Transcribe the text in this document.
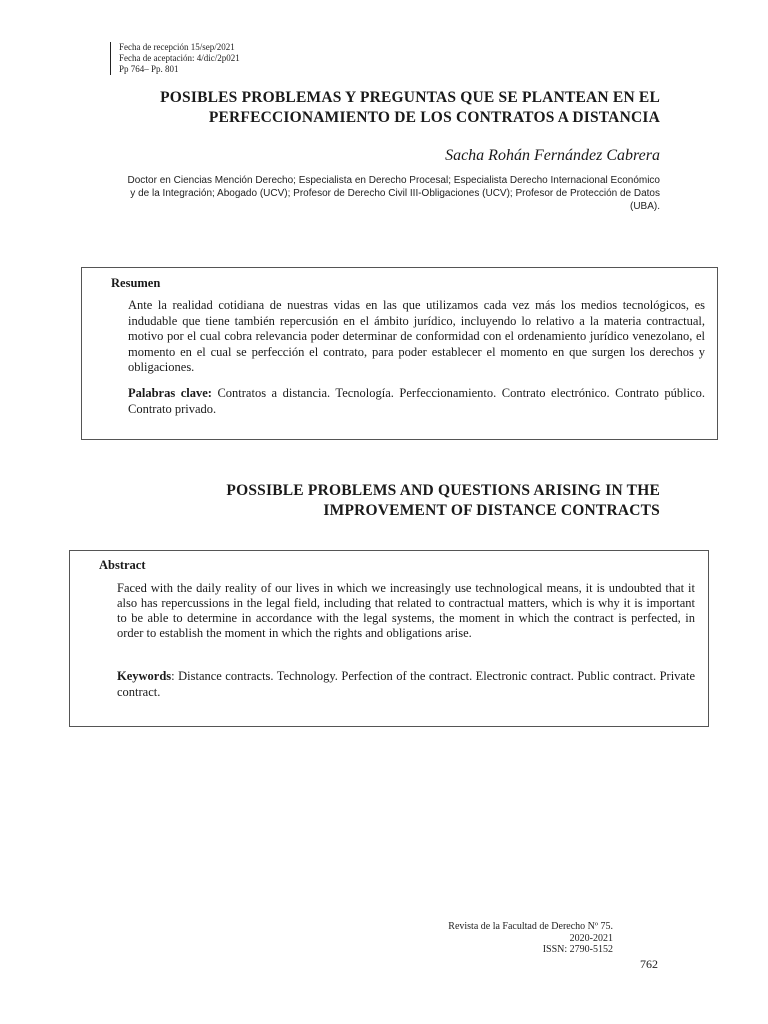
Fecha de recepción 15/sep/2021
Fecha de aceptación: 4/dic/2p021
Pp 764– Pp. 801
POSIBLES PROBLEMAS Y PREGUNTAS QUE SE PLANTEAN EN EL PERFECCIONAMIENTO DE LOS CONTRATOS A DISTANCIA
Sacha Rohán Fernández Cabrera
Doctor en Ciencias Mención Derecho; Especialista en Derecho Procesal; Especialista Derecho Internacional Económico y de la Integración; Abogado (UCV); Profesor de Derecho Civil III-Obligaciones (UCV); Profesor de Protección de Datos (UBA).
Resumen
Ante la realidad cotidiana de nuestras vidas en las que utilizamos cada vez más los medios tecnológicos, es indudable que tiene también repercusión en el ámbito jurídico, incluyendo lo relativo a la materia contractual, motivo por el cual cobra relevancia poder determinar de conformidad con el ordenamiento jurídico venezolano, el momento en el cual se perfección el contrato, para poder establecer el momento en que surgen los derechos y obligaciones.
Palabras clave: Contratos a distancia. Tecnología. Perfeccionamiento. Contrato electrónico. Contrato público. Contrato privado.
POSSIBLE PROBLEMS AND QUESTIONS ARISING IN THE IMPROVEMENT OF DISTANCE CONTRACTS
Abstract
Faced with the daily reality of our lives in which we increasingly use technological means, it is undoubted that it also has repercussions in the legal field, including that related to contractual matters, which is why it is important to be able to determine in accordance with the legal systems, the moment in which the contract is perfected, in order to establish the moment in which the rights and obligations arise.
Keywords: Distance contracts. Technology. Perfection of the contract. Electronic contract. Public contract. Private contract.
Revista de la Facultad de Derecho Nº 75.
2020-2021
ISSN: 2790-5152
762
